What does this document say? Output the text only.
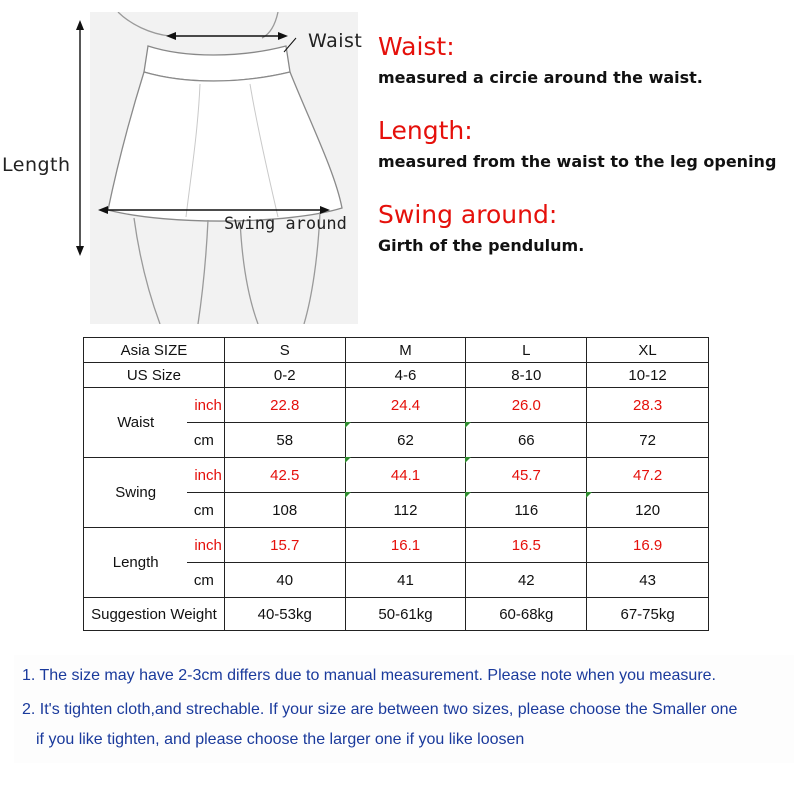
Waist
Length
Swing around
Waist:
measured a circie around the waist.
Length:
measured from the waist to the leg opening
Swing around:
Girth of the pendulum.
Asia SIZE		S	M	L	XL
US Size		0-2	4-6	8-10	10-12
Waist	inch	22.8	24.4	26.0	28.3
	cm	58	62	66	72
Swing	inch	42.5	44.1	45.7	47.2
	cm	108	112	116	120
Length	inch	15.7	16.1	16.5	16.9
	cm	40	41	42	43
Suggestion Weight		40-53kg	50-61kg	60-68kg	67-75kg
1. The size may have 2-3cm differs due to manual measurement. Please note when you measure.
2. It's tighten cloth,and strechable. If your size are between two sizes, please choose the Smaller one
if you like tighten, and please choose the larger one if you like loosen
